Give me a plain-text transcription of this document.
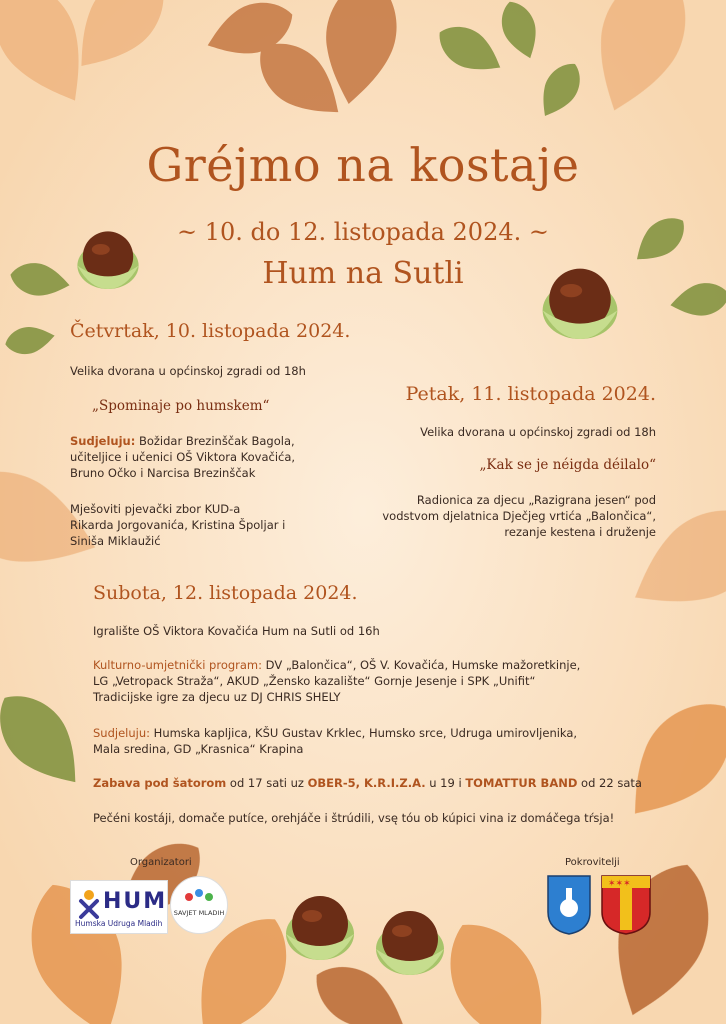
Gréjmo na kostaje
~ 10. do 12. listopada 2024. ~
Hum na Sutli
Četvrtak, 10. listopada 2024.
Velika dvorana u općinskoj zgradi od 18h
„Spominaje po humskem“
Sudjeluju: Božidar Brezinščak Bagola,
učiteljice i učenici OŠ Viktora Kovačića,
Bruno Očko i Narcisa Brezinščak
Mješoviti pjevački zbor KUD-a
Rikarda Jorgovanića, Kristina Špoljar i
Siniša Miklaužić
Petak, 11. listopada 2024.
Velika dvorana u općinskoj zgradi od 18h
„Kak se je néigda déilalo“
Radionica za djecu „Razigrana jesen“ pod
vodstvom djelatnica Dječjeg vrtića „Balončica“,
rezanje kestena i druženje
Subota, 12. listopada 2024.
Igralište OŠ Viktora Kovačića Hum na Sutli od 16h
Kulturno-umjetnički program: DV „Balončica“, OŠ V. Kovačića, Humske mažoretkinje,
LG „Vetropack Straža“, AKUD „Žensko kazalište“ Gornje Jesenje i SPK „Unifit“
Tradicijske igre za djecu uz DJ CHRIS SHELY
Sudjeluju: Humska kapljica, KŠU Gustav Krklec, Humsko srce, Udruga umirovljenika,
Mala sredina, GD „Krasnica“ Krapina
Zabava pod šatorom od 17 sati uz OBER-5, K.R.I.Z.A. u 19 i TOMATTUR BAND od 22 sata
Pečéni kostáji, domače putíce, orehjáče i štrúdili, vsę tóu ob kúpici vina iz domáčega tŕsja!
Organizatori
HUM
Humska Udruga Mladih
SAVJET MLADIH
Pokrovitelji
✶✶✶
